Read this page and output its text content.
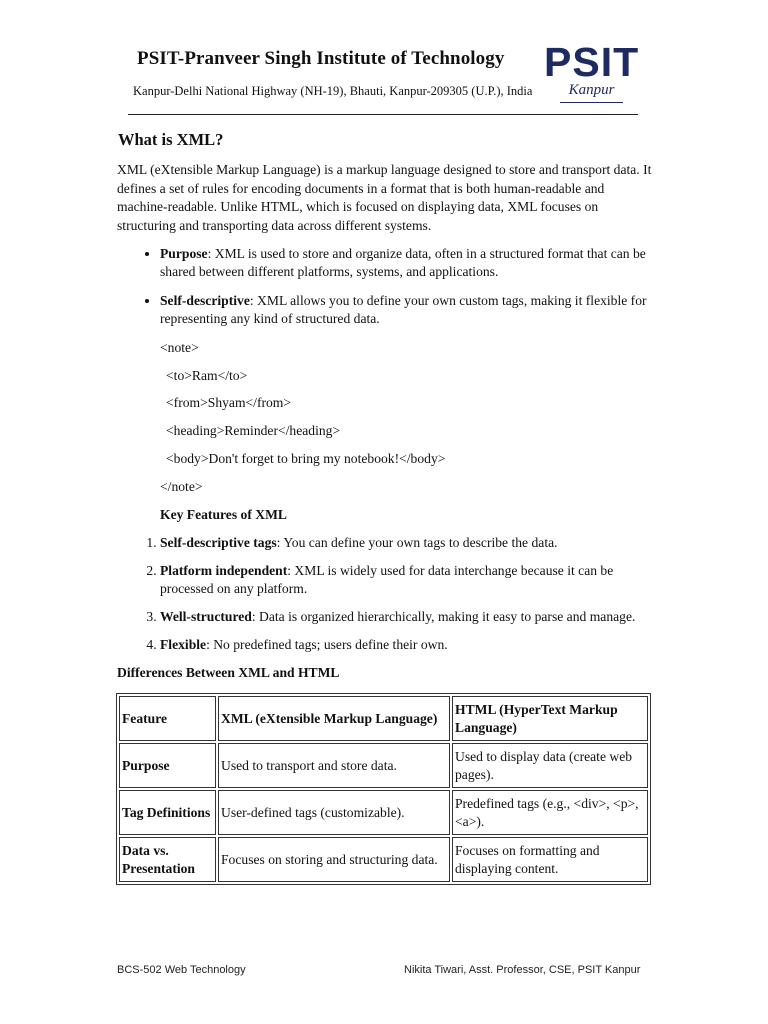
PSIT-Pranveer Singh Institute of Technology
Kanpur-Delhi National Highway (NH-19), Bhauti, Kanpur-209305 (U.P.), India
PSIT
Kanpur
What is XML?

XML (eXtensible Markup Language) is a markup language designed to store and transport data. It defines a set of rules for encoding documents in a format that is both human-readable and machine-readable. Unlike HTML, which is focused on displaying data, XML focuses on structuring and transporting data across different systems.

• Purpose: XML is used to store and organize data, often in a structured format that can be shared between different platforms, systems, and applications.
• Self-descriptive: XML allows you to define your own custom tags, making it flexible for representing any kind of structured data.
<note>
<to>Ram</to>
<from>Shyam</from>
<heading>Reminder</heading>
<body>Don't forget to bring my notebook!</body>
</note>
Key Features of XML
1. Self-descriptive tags: You can define your own tags to describe the data.
2. Platform independent: XML is widely used for data interchange because it can be processed on any platform.
3. Well-structured: Data is organized hierarchically, making it easy to parse and manage.
4. Flexible: No predefined tags; users define their own.
Differences Between XML and HTML
Feature	XML (eXtensible Markup Language)	HTML (HyperText Markup Language)
Purpose	Used to transport and store data.	Used to display data (create web pages).
Tag Definitions	User-defined tags (customizable).	Predefined tags (e.g., <div>, <p>, <a>).
Data vs. Presentation	Focuses on storing and structuring data.	Focuses on formatting and displaying content.
BCS-502 Web Technology	Nikita Tiwari, Asst. Professor, CSE, PSIT Kanpur
